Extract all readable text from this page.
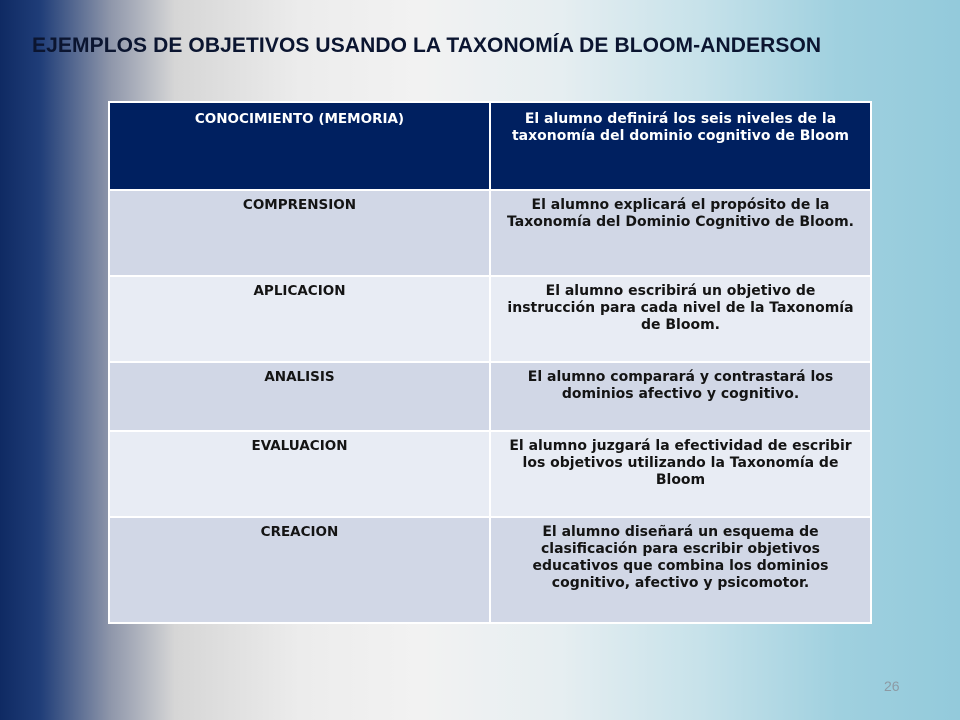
EJEMPLOS DE OBJETIVOS USANDO LA TAXONOMÍA DE BLOOM-ANDERSON
CONOCIMIENTO (MEMORIA)	El alumno definirá los seis niveles de la taxonomía del dominio cognitivo de Bloom
COMPRENSION	El alumno explicará el propósito de la Taxonomía del Dominio Cognitivo de Bloom.
APLICACION	El alumno escribirá un objetivo de instrucción para cada nivel de la Taxonomía de Bloom.
ANALISIS	El alumno comparará y contrastará los dominios afectivo y cognitivo.
EVALUACION	El alumno juzgará la efectividad de escribir los objetivos utilizando la Taxonomía de Bloom
CREACION	El alumno diseñará un esquema de clasificación para escribir objetivos educativos que combina los dominios cognitivo, afectivo y psicomotor.
26
